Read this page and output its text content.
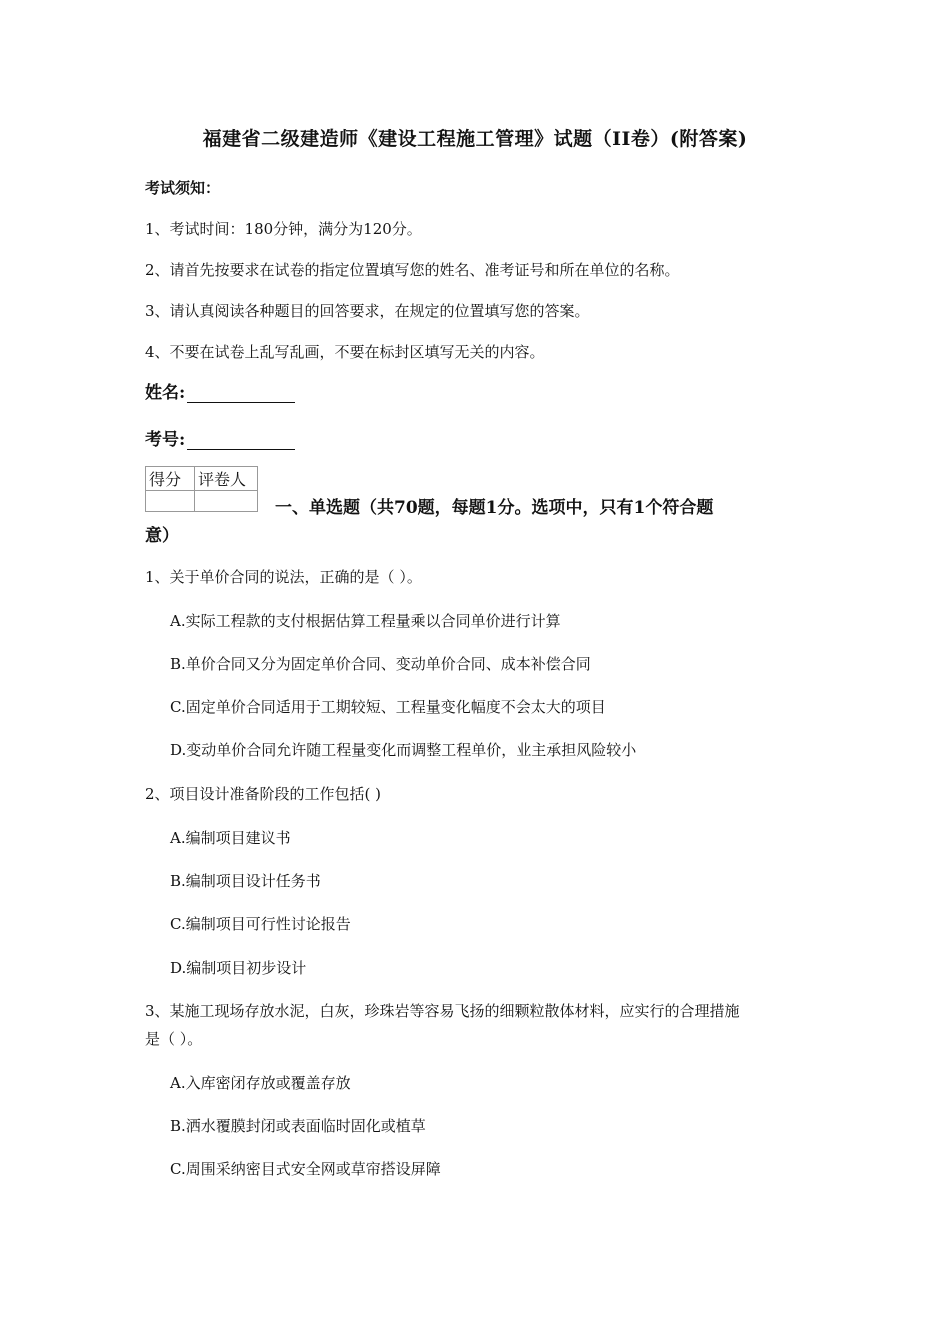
福建省二级建造师《建设工程施工管理》试题（II卷）(附答案)
考试须知：
1、考试时间：180分钟，满分为120分。
2、请首先按要求在试卷的指定位置填写您的姓名、准考证号和所在单位的名称。
3、请认真阅读各种题目的回答要求，在规定的位置填写您的答案。
4、不要在试卷上乱写乱画，不要在标封区填写无关的内容。
姓名:
考号:
得分	评卷人

一、单选题（共70题，每题1分。选项中，只有1个符合题
意）
1、关于单价合同的说法，正确的是（ ）。
A.实际工程款的支付根据估算工程量乘以合同单价进行计算
B.单价合同又分为固定单价合同、变动单价合同、成本补偿合同
C.固定单价合同适用于工期较短、工程量变化幅度不会太大的项目
D.变动单价合同允许随工程量变化而调整工程单价，业主承担风险较小
2、项目设计准备阶段的工作包括( )
A.编制项目建议书
B.编制项目设计任务书
C.编制项目可行性讨论报告
D.编制项目初步设计
3、某施工现场存放水泥，白灰，珍珠岩等容易飞扬的细颗粒散体材料，应实行的合理措施
是（ ）。
A.入库密闭存放或覆盖存放
B.洒水覆膜封闭或表面临时固化或植草
C.周围采纳密目式安全网或草帘搭设屏障
